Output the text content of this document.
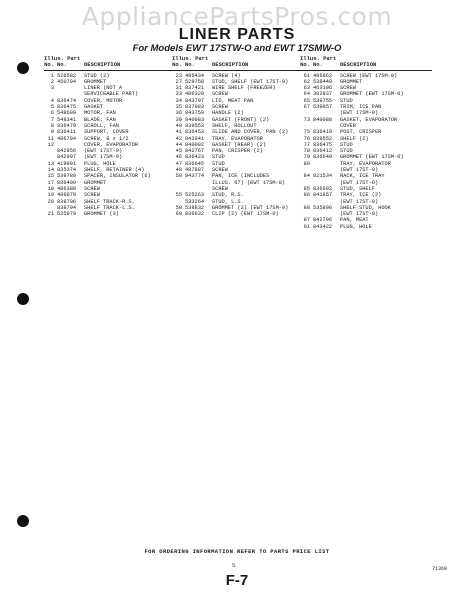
AppliancePartsPros.com
LINER PARTS
For Models EWT 17STW-O and EWT 17SMW-O
Illus. Part
No. No.	DESCRIPTION
1 526582	STUD (2)
2 450794	GROMMET
3	LINER (NOT A
SERVICEABLE PART)
4 836474	COVER, MOTOR
5 836475	GASKET
6 548699	MOTOR, FAN
7 548341	BLADE, FAN
8 836479	SCROLL, FAN
9 836411	SUPPORT, COVER
11 486794	SCREW, 8 x 1/2
12	COVER, EVAPORATOR
842956	(EWT 17ST-0)
842997	(EWT 17SM-0)
13 419891	PLUG, HOLE
14 835374	SHELF, RETAINER (4)
15 539780	SPACER, INSULATOR (6)
17 836409	GROMMET
18 486388	SCREW
19 486078	SCREW
20 838706	SHELF TRACK-R.S.
838794	SHELF TRACK-L.S.
21 525970	GROMMET (3)
Illus. Part
No. No.	DESCRIPTION
23 486434	SCREW (4)
27 529758	STUD, SHELF (EWT 17ST-0)
31 837421	WIRE SHELF (FREEZER)
33 486320	SCREW
34 843797	LID, MEAT PAN
35 837983	SCREW
36 843759	HANDLE (2)
39 840083	GASKET (FRONT) (2)
40 839553	SHELF, ROLLOUT
41 836453	SLIDE AND COVER, PAN (2)
42 842041	TRAY, EVAPORATOR
44 840092	GASKET (REAR) (2)
45 842767	PAN, CRISPER (2)
46 836423	STUD
47 836645	STUD
48 487887	SCREW
50 843774	PAN, ICE (INCLUDES
ILLUS. 67) (EWT 17SM-0)
SCREW
55 525263	STUD, R.S.
533264	STUD, L.S.
59 538832	GROMMET (2) (EWT 17SM-0)
60 836632	CLIP (2) (EWT 17SM-0)
Illus. Part
No. No.	DESCRIPTION
61 486862	SCREW (EWT 17SM-0)
62 538449	GROMMET
63 463196	SCREW
64 302837	GROMMET (EWT 17SM-0)
65 539755	STUD
67 539857	TRIM, ICE PAN
(EWT 17SM-0)
73 840088	GASKET, EVAPORATOR
COVER
75 836410	POST, CRISPER
76 839552	SHELF (2)
77 836475	STUD
78 836412	STUD
79 836649	GROMMET (EWT 17SM-0)
80	TRAY, EVAPORATOR
(EWT 17ST-0)
84 821534	RACK, ICE TRAY
(EWT 17ST-0)
85 836692	STUD, SHELF
86 841857	TRAY, ICE (2)
(EWT 17ST-0)
88 535890	SHELF STUD, HOOK
(EWT 17ST-0)
87 842796	PAN, MEAT
91 843422	PLUG, HOLE
FOR ORDERING INFORMATION REFER TO PARTS PRICE LIST
5
F-7
71369
